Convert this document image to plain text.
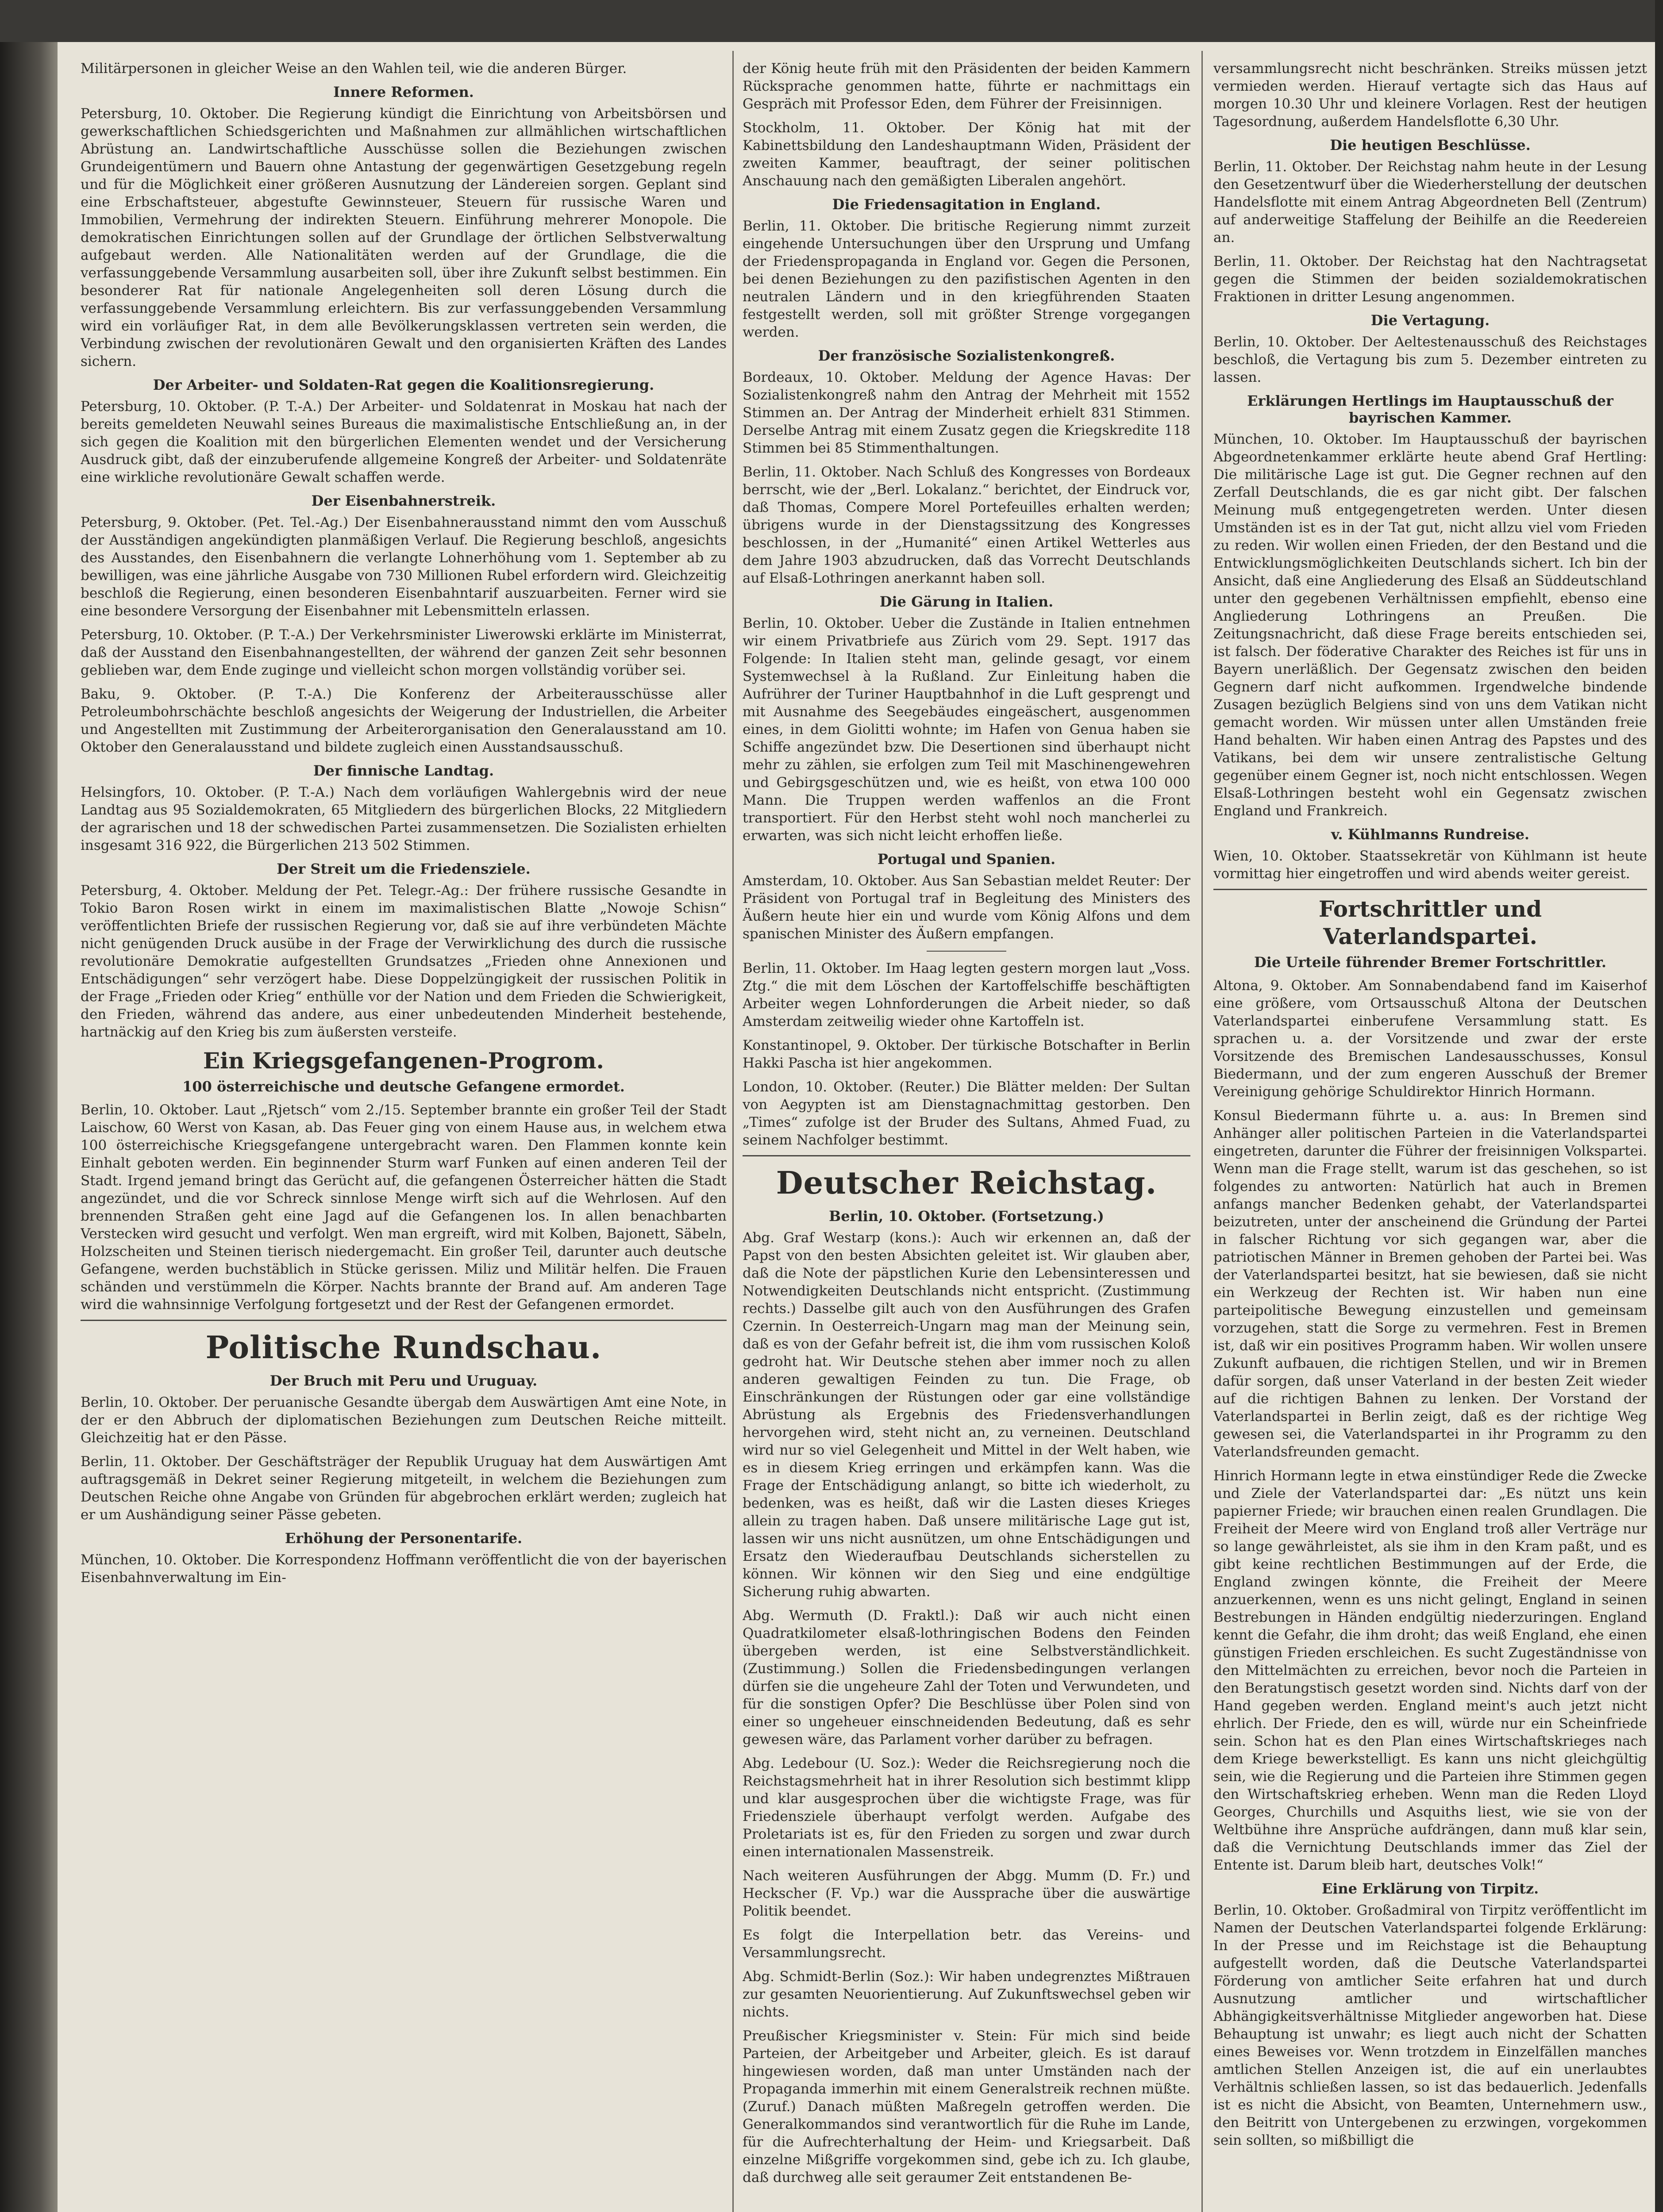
Militärpersonen in gleicher Weise an den Wahlen teil, wie die anderen Bürger.

Innere Reformen.

Petersburg, 10. Oktober. Die Regierung kündigt die Einrichtung von Arbeitsbörsen und gewerkschaftlichen Schiedsgerichten und Maßnahmen zur allmählichen wirtschaftlichen Abrüstung an. Landwirtschaftliche Ausschüsse sollen die Beziehungen zwischen Grundeigentümern und Bauern ohne Antastung der gegenwärtigen Gesetzgebung regeln und für die Möglichkeit einer größeren Ausnutzung der Ländereien sorgen. Geplant sind eine Erbschaftsteuer, abgestufte Gewinnsteuer, Steuern für russische Waren und Immobilien, Vermehrung der indirekten Steuern. Einführung mehrerer Monopole. Die demokratischen Einrichtungen sollen auf der Grundlage der örtlichen Selbstverwaltung aufgebaut werden. Alle Nationalitäten werden auf der Grundlage, die die verfassunggebende Versammlung ausarbeiten soll, über ihre Zukunft selbst bestimmen. Ein besonderer Rat für nationale Angelegenheiten soll deren Lösung durch die verfassunggebende Versammlung erleichtern. Bis zur verfassunggebenden Versammlung wird ein vorläufiger Rat, in dem alle Bevölkerungsklassen vertreten sein werden, die Verbindung zwischen der revolutionären Gewalt und den organisierten Kräften des Landes sichern.

Der Arbeiter- und Soldaten-Rat gegen die Koalitionsregierung.

Petersburg, 10. Oktober. (P. T.-A.) Der Arbeiter- und Soldatenrat in Moskau hat nach der bereits gemeldeten Neuwahl seines Bureaus die maximalistische Entschließung an, in der sich gegen die Koalition mit den bürgerlichen Elementen wendet und der Versicherung Ausdruck gibt, daß der einzuberufende allgemeine Kongreß der Arbeiter- und Soldatenräte eine wirkliche revolutionäre Gewalt schaffen werde.

Der Eisenbahnerstreik.

Petersburg, 9. Oktober. (Pet. Tel.-Ag.) Der Eisenbahnerausstand nimmt den vom Ausschuß der Ausständigen angekündigten planmäßigen Verlauf. Die Regierung beschloß, angesichts des Ausstandes, den Eisenbahnern die verlangte Lohnerhöhung vom 1. September ab zu bewilligen, was eine jährliche Ausgabe von 730 Millionen Rubel erfordern wird. Gleichzeitig beschloß die Regierung, einen besonderen Eisenbahntarif auszuarbeiten. Ferner wird sie eine besondere Versorgung der Eisenbahner mit Lebensmitteln erlassen.

Petersburg, 10. Oktober. (P. T.-A.) Der Verkehrsminister Liwerowski erklärte im Ministerrat, daß der Ausstand den Eisenbahnangestellten, der während der ganzen Zeit sehr besonnen geblieben war, dem Ende zuginge und vielleicht schon morgen vollständig vorüber sei.

Baku, 9. Oktober. (P. T.-A.) Die Konferenz der Arbeiterausschüsse aller Petroleumbohrschächte beschloß angesichts der Weigerung der Industriellen, die Arbeiter und Angestellten mit Zustimmung der Arbeiterorganisation den Generalausstand am 10. Oktober den Generalausstand und bildete zugleich einen Ausstandsausschuß.

Der finnische Landtag.

Helsingfors, 10. Oktober. (P. T.-A.) Nach dem vorläufigen Wahlergebnis wird der neue Landtag aus 95 Sozialdemokraten, 65 Mitgliedern des bürgerlichen Blocks, 22 Mitgliedern der agrarischen und 18 der schwedischen Partei zusammensetzen. Die Sozialisten erhielten insgesamt 316 922, die Bürgerlichen 213 502 Stimmen.

Der Streit um die Friedensziele.

Petersburg, 4. Oktober. Meldung der Pet. Telegr.-Ag.: Der frühere russische Gesandte in Tokio Baron Rosen wirkt in einem im maximalistischen Blatte „Nowoje Schisn“ veröffentlichten Briefe der russischen Regierung vor, daß sie auf ihre verbündeten Mächte nicht genügenden Druck ausübe in der Frage der Verwirklichung des durch die russische revolutionäre Demokratie aufgestellten Grundsatzes „Frieden ohne Annexionen und Entschädigungen“ sehr verzögert habe. Diese Doppelzüngigkeit der russischen Politik in der Frage „Frieden oder Krieg“ enthülle vor der Nation und dem Frieden die Schwierigkeit, den Frieden, während das andere, aus einer unbedeutenden Minderheit bestehende, hartnäckig auf den Krieg bis zum äußersten versteife.

Ein Kriegsgefangenen-Progrom.
100 österreichische und deutsche Gefangene ermordet.

Berlin, 10. Oktober. Laut „Rjetsch“ vom 2./15. September brannte ein großer Teil der Stadt Laischow, 60 Werst von Kasan, ab. Das Feuer ging von einem Hause aus, in welchem etwa 100 österreichische Kriegsgefangene untergebracht waren. Den Flammen konnte kein Einhalt geboten werden. Ein beginnender Sturm warf Funken auf einen anderen Teil der Stadt. Irgend jemand bringt das Gerücht auf, die gefangenen Österreicher hätten die Stadt angezündet, und die vor Schreck sinnlose Menge wirft sich auf die Wehrlosen. Auf den brennenden Straßen geht eine Jagd auf die Gefangenen los. In allen benachbarten Verstecken wird gesucht und verfolgt. Wen man ergreift, wird mit Kolben, Bajonett, Säbeln, Holzscheiten und Steinen tierisch niedergemacht. Ein großer Teil, darunter auch deutsche Gefangene, werden buchstäblich in Stücke gerissen. Miliz und Militär helfen. Die Frauen schänden und verstümmeln die Körper. Nachts brannte der Brand auf. Am anderen Tage wird die wahnsinnige Verfolgung fortgesetzt und der Rest der Gefangenen ermordet.

Politische Rundschau.
Der Bruch mit Peru und Uruguay.

Berlin, 10. Oktober. Der peruanische Gesandte übergab dem Auswärtigen Amt eine Note, in der er den Abbruch der diplomatischen Beziehungen zum Deutschen Reiche mitteilt. Gleichzeitig hat er den Pässe.

Berlin, 11. Oktober. Der Geschäftsträger der Republik Uruguay hat dem Auswärtigen Amt auftragsgemäß in Dekret seiner Regierung mitgeteilt, in welchem die Beziehungen zum Deutschen Reiche ohne Angabe von Gründen für abgebrochen erklärt werden; zugleich hat er um Aushändigung seiner Pässe gebeten.

Erhöhung der Personentarife.

München, 10. Oktober. Die Korrespondenz Hoffmann veröffentlicht die von der bayerischen Eisenbahnverwaltung im Ein-

der König heute früh mit den Präsidenten der beiden Kammern Rücksprache genommen hatte, führte er nachmittags ein Gespräch mit Professor Eden, dem Führer der Freisinnigen.

Stockholm, 11. Oktober. Der König hat mit der Kabinettsbildung den Landeshauptmann Widen, Präsident der zweiten Kammer, beauftragt, der seiner politischen Anschauung nach den gemäßigten Liberalen angehört.

Die Friedensagitation in England.

Berlin, 11. Oktober. Die britische Regierung nimmt zurzeit eingehende Untersuchungen über den Ursprung und Umfang der Friedenspropaganda in England vor. Gegen die Personen, bei denen Beziehungen zu den pazifistischen Agenten in den neutralen Ländern und in den kriegführenden Staaten festgestellt werden, soll mit größter Strenge vorgegangen werden.

Der französische Sozialistenkongreß.

Bordeaux, 10. Oktober. Meldung der Agence Havas: Der Sozialistenkongreß nahm den Antrag der Mehrheit mit 1552 Stimmen an. Der Antrag der Minderheit erhielt 831 Stimmen. Derselbe Antrag mit einem Zusatz gegen die Kriegskredite 118 Stimmen bei 85 Stimmenthaltungen.

Berlin, 11. Oktober. Nach Schluß des Kongresses von Bordeaux berrscht, wie der „Berl. Lokalanz.“ berichtet, der Eindruck vor, daß Thomas, Compere Morel Portefeuilles erhalten werden; übrigens wurde in der Dienstagssitzung des Kongresses beschlossen, in der „Humanité“ einen Artikel Wetterles aus dem Jahre 1903 abzudrucken, daß das Vorrecht Deutschlands auf Elsaß-Lothringen anerkannt haben soll.

Die Gärung in Italien.

Berlin, 10. Oktober. Ueber die Zustände in Italien entnehmen wir einem Privatbriefe aus Zürich vom 29. Sept. 1917 das Folgende: In Italien steht man, gelinde gesagt, vor einem Systemwechsel à la Rußland. Zur Einleitung haben die Aufrührer der Turiner Hauptbahnhof in die Luft gesprengt und mit Ausnahme des Seegebäudes eingeäschert, ausgenommen eines, in dem Giolitti wohnte; im Hafen von Genua haben sie Schiffe angezündet bzw. Die Desertionen sind überhaupt nicht mehr zu zählen, sie erfolgen zum Teil mit Maschinengewehren und Gebirgsgeschützen und, wie es heißt, von etwa 100 000 Mann. Die Truppen werden waffenlos an die Front transportiert. Für den Herbst steht wohl noch mancherlei zu erwarten, was sich nicht leicht erhoffen ließe.

Portugal und Spanien.

Amsterdam, 10. Oktober. Aus San Sebastian meldet Reuter: Der Präsident von Portugal traf in Begleitung des Ministers des Äußern heute hier ein und wurde vom König Alfons und dem spanischen Minister des Äußern empfangen.

Berlin, 11. Oktober. Im Haag legten gestern morgen laut „Voss. Ztg.“ die mit dem Löschen der Kartoffelschiffe beschäftigten Arbeiter wegen Lohnforderungen die Arbeit nieder, so daß Amsterdam zeitweilig wieder ohne Kartoffeln ist.

Konstantinopel, 9. Oktober. Der türkische Botschafter in Berlin Hakki Pascha ist hier angekommen.

London, 10. Oktober. (Reuter.) Die Blätter melden: Der Sultan von Aegypten ist am Dienstagnachmittag gestorben. Den „Times“ zufolge ist der Bruder des Sultans, Ahmed Fuad, zu seinem Nachfolger bestimmt.

Deutscher Reichstag.
Berlin, 10. Oktober. (Fortsetzung.)

Abg. Graf Westarp (kons.): Auch wir erkennen an, daß der Papst von den besten Absichten geleitet ist. Wir glauben aber, daß die Note der päpstlichen Kurie den Lebensinteressen und Notwendigkeiten Deutschlands nicht entspricht. (Zustimmung rechts.) Dasselbe gilt auch von den Ausführungen des Grafen Czernin. In Oesterreich-Ungarn mag man der Meinung sein, daß es von der Gefahr befreit ist, die ihm vom russischen Koloß gedroht hat. Wir Deutsche stehen aber immer noch zu allen anderen gewaltigen Feinden zu tun. Die Frage, ob Einschränkungen der Rüstungen oder gar eine vollständige Abrüstung als Ergebnis des Friedensverhandlungen hervorgehen wird, steht nicht an, zu verneinen. Deutschland wird nur so viel Gelegenheit und Mittel in der Welt haben, wie es in diesem Krieg erringen und erkämpfen kann. Was die Frage der Entschädigung anlangt, so bitte ich wiederholt, zu bedenken, was es heißt, daß wir die Lasten dieses Krieges allein zu tragen haben. Daß unsere militärische Lage gut ist, lassen wir uns nicht ausnützen, um ohne Entschädigungen und Ersatz den Wiederaufbau Deutschlands sicherstellen zu können. Wir können wir den Sieg und eine endgültige Sicherung ruhig abwarten.

Abg. Wermuth (D. Fraktl.): Daß wir auch nicht einen Quadratkilometer elsaß-lothringischen Bodens den Feinden übergeben werden, ist eine Selbstverständlichkeit. (Zustimmung.) Sollen die Friedensbedingungen verlangen dürfen sie die ungeheure Zahl der Toten und Verwundeten, und für die sonstigen Opfer? Die Beschlüsse über Polen sind von einer so ungeheuer einschneidenden Bedeutung, daß es sehr gewesen wäre, das Parlament vorher darüber zu befragen.

Abg. Ledebour (U. Soz.): Weder die Reichsregierung noch die Reichstagsmehrheit hat in ihrer Resolution sich bestimmt klipp und klar ausgesprochen über die wichtigste Frage, was für Friedensziele überhaupt verfolgt werden. Aufgabe des Proletariats ist es, für den Frieden zu sorgen und zwar durch einen internationalen Massenstreik.

Nach weiteren Ausführungen der Abgg. Mumm (D. Fr.) und Heckscher (F. Vp.) war die Aussprache über die auswärtige Politik beendet.

Es folgt die Interpellation betr. das Vereins- und Versammlungsrecht.

Abg. Schmidt-Berlin (Soz.): Wir haben undegrenztes Mißtrauen zur gesamten Neuorientierung. Auf Zukunftswechsel geben wir nichts.

Preußischer Kriegsminister v. Stein: Für mich sind beide Parteien, der Arbeitgeber und Arbeiter, gleich. Es ist darauf hingewiesen worden, daß man unter Umständen nach der Propaganda immerhin mit einem Generalstreik rechnen müßte. (Zuruf.) Danach müßten Maßregeln getroffen werden. Die Generalkommandos sind verantwortlich für die Ruhe im Lande, für die Aufrechterhaltung der Heim- und Kriegsarbeit. Daß einzelne Mißgriffe vorgekommen sind, gebe ich zu. Ich glaube, daß durchweg alle seit geraumer Zeit entstandenen Be-

versammlungsrecht nicht beschränken. Streiks müssen jetzt vermieden werden. Hierauf vertagte sich das Haus auf morgen 10.30 Uhr und kleinere Vorlagen. Rest der heutigen Tagesordnung, außerdem Handelsflotte 6,30 Uhr.

Die heutigen Beschlüsse.

Berlin, 11. Oktober. Der Reichstag nahm heute in der Lesung den Gesetzentwurf über die Wiederherstellung der deutschen Handelsflotte mit einem Antrag Abgeordneten Bell (Zentrum) auf anderweitige Staffelung der Beihilfe an die Reedereien an.

Berlin, 11. Oktober. Der Reichstag hat den Nachtragsetat gegen die Stimmen der beiden sozialdemokratischen Fraktionen in dritter Lesung angenommen.

Die Vertagung.

Berlin, 10. Oktober. Der Aeltestenausschuß des Reichstages beschloß, die Vertagung bis zum 5. Dezember eintreten zu lassen.

Erklärungen Hertlings im Hauptausschuß der bayrischen Kammer.

München, 10. Oktober. Im Hauptausschuß der bayrischen Abgeordnetenkammer erklärte heute abend Graf Hertling: Die militärische Lage ist gut. Die Gegner rechnen auf den Zerfall Deutschlands, die es gar nicht gibt. Der falschen Meinung muß entgegengetreten werden. Unter diesen Umständen ist es in der Tat gut, nicht allzu viel vom Frieden zu reden. Wir wollen einen Frieden, der den Bestand und die Entwicklungsmöglichkeiten Deutschlands sichert. Ich bin der Ansicht, daß eine Angliederung des Elsaß an Süddeutschland unter den gegebenen Verhältnissen empfiehlt, ebenso eine Angliederung Lothringens an Preußen. Die Zeitungsnachricht, daß diese Frage bereits entschieden sei, ist falsch. Der föderative Charakter des Reiches ist für uns in Bayern unerläßlich. Der Gegensatz zwischen den beiden Gegnern darf nicht aufkommen. Irgendwelche bindende Zusagen bezüglich Belgiens sind von uns dem Vatikan nicht gemacht worden. Wir müssen unter allen Umständen freie Hand behalten. Wir haben einen Antrag des Papstes und des Vatikans, bei dem wir unsere zentralistische Geltung gegenüber einem Gegner ist, noch nicht entschlossen. Wegen Elsaß-Lothringen besteht wohl ein Gegensatz zwischen England und Frankreich.

v. Kühlmanns Rundreise.

Wien, 10. Oktober. Staatssekretär von Kühlmann ist heute vormittag hier eingetroffen und wird abends weiter gereist.

Fortschrittler und Vaterlandspartei.
Die Urteile führender Bremer Fortschrittler.

Altona, 9. Oktober. Am Sonnabendabend fand im Kaiserhof eine größere, vom Ortsausschuß Altona der Deutschen Vaterlandspartei einberufene Versammlung statt. Es sprachen u. a. der Vorsitzende und zwar der erste Vorsitzende des Bremischen Landesausschusses, Konsul Biedermann, und der zum engeren Ausschuß der Bremer Vereinigung gehörige Schuldirektor Hinrich Hormann.

Konsul Biedermann führte u. a. aus: In Bremen sind Anhänger aller politischen Parteien in die Vaterlandspartei eingetreten, darunter die Führer der freisinnigen Volkspartei. Wenn man die Frage stellt, warum ist das geschehen, so ist folgendes zu antworten: Natürlich hat auch in Bremen anfangs mancher Bedenken gehabt, der Vaterlandspartei beizutreten, unter der anscheinend die Gründung der Partei in falscher Richtung vor sich gegangen war, aber die patriotischen Männer in Bremen gehoben der Partei bei. Was der Vaterlandspartei besitzt, hat sie bewiesen, daß sie nicht ein Werkzeug der Rechten ist. Wir haben nun eine parteipolitische Bewegung einzustellen und gemeinsam vorzugehen, statt die Sorge zu vermehren. Fest in Bremen ist, daß wir ein positives Programm haben. Wir wollen unsere Zukunft aufbauen, die richtigen Stellen, und wir in Bremen dafür sorgen, daß unser Vaterland in der besten Zeit wieder auf die richtigen Bahnen zu lenken. Der Vorstand der Vaterlandspartei in Berlin zeigt, daß es der richtige Weg gewesen sei, die Vaterlandspartei in ihr Programm zu den Vaterlandsfreunden gemacht.

Hinrich Hormann legte in etwa einstündiger Rede die Zwecke und Ziele der Vaterlandspartei dar: „Es nützt uns kein papierner Friede; wir brauchen einen realen Grundlagen. Die Freiheit der Meere wird von England troß aller Verträge nur so lange gewährleistet, als sie ihm in den Kram paßt, und es gibt keine rechtlichen Bestimmungen auf der Erde, die England zwingen könnte, die Freiheit der Meere anzuerkennen, wenn es uns nicht gelingt, England in seinen Bestrebungen in Händen endgültig niederzuringen. England kennt die Gefahr, die ihm droht; das weiß England, ehe einen günstigen Frieden erschleichen. Es sucht Zugeständnisse von den Mittelmächten zu erreichen, bevor noch die Parteien in den Beratungstisch gesetzt worden sind. Nichts darf von der Hand gegeben werden. England meint's auch jetzt nicht ehrlich. Der Friede, den es will, würde nur ein Scheinfriede sein. Schon hat es den Plan eines Wirtschaftskrieges nach dem Kriege bewerkstelligt. Es kann uns nicht gleichgültig sein, wie die Regierung und die Parteien ihre Stimmen gegen den Wirtschaftskrieg erheben. Wenn man die Reden Lloyd Georges, Churchills und Asquiths liest, wie sie von der Weltbühne ihre Ansprüche aufdrängen, dann muß klar sein, daß die Vernichtung Deutschlands immer das Ziel der Entente ist. Darum bleib hart, deutsches Volk!“

Eine Erklärung von Tirpitz.

Berlin, 10. Oktober. Großadmiral von Tirpitz veröffentlicht im Namen der Deutschen Vaterlandspartei folgende Erklärung: In der Presse und im Reichstage ist die Behauptung aufgestellt worden, daß die Deutsche Vaterlandspartei Förderung von amtlicher Seite erfahren hat und durch Ausnutzung amtlicher und wirtschaftlicher Abhängigkeitsverhältnisse Mitglieder angeworben hat. Diese Behauptung ist unwahr; es liegt auch nicht der Schatten eines Beweises vor. Wenn trotzdem in Einzelfällen manches amtlichen Stellen Anzeigen ist, die auf ein unerlaubtes Verhältnis schließen lassen, so ist das bedauerlich. Jedenfalls ist es nicht die Absicht, von Beamten, Unternehmern usw., den Beitritt von Untergebenen zu erzwingen, vorgekommen sein sollten, so mißbilligt die
